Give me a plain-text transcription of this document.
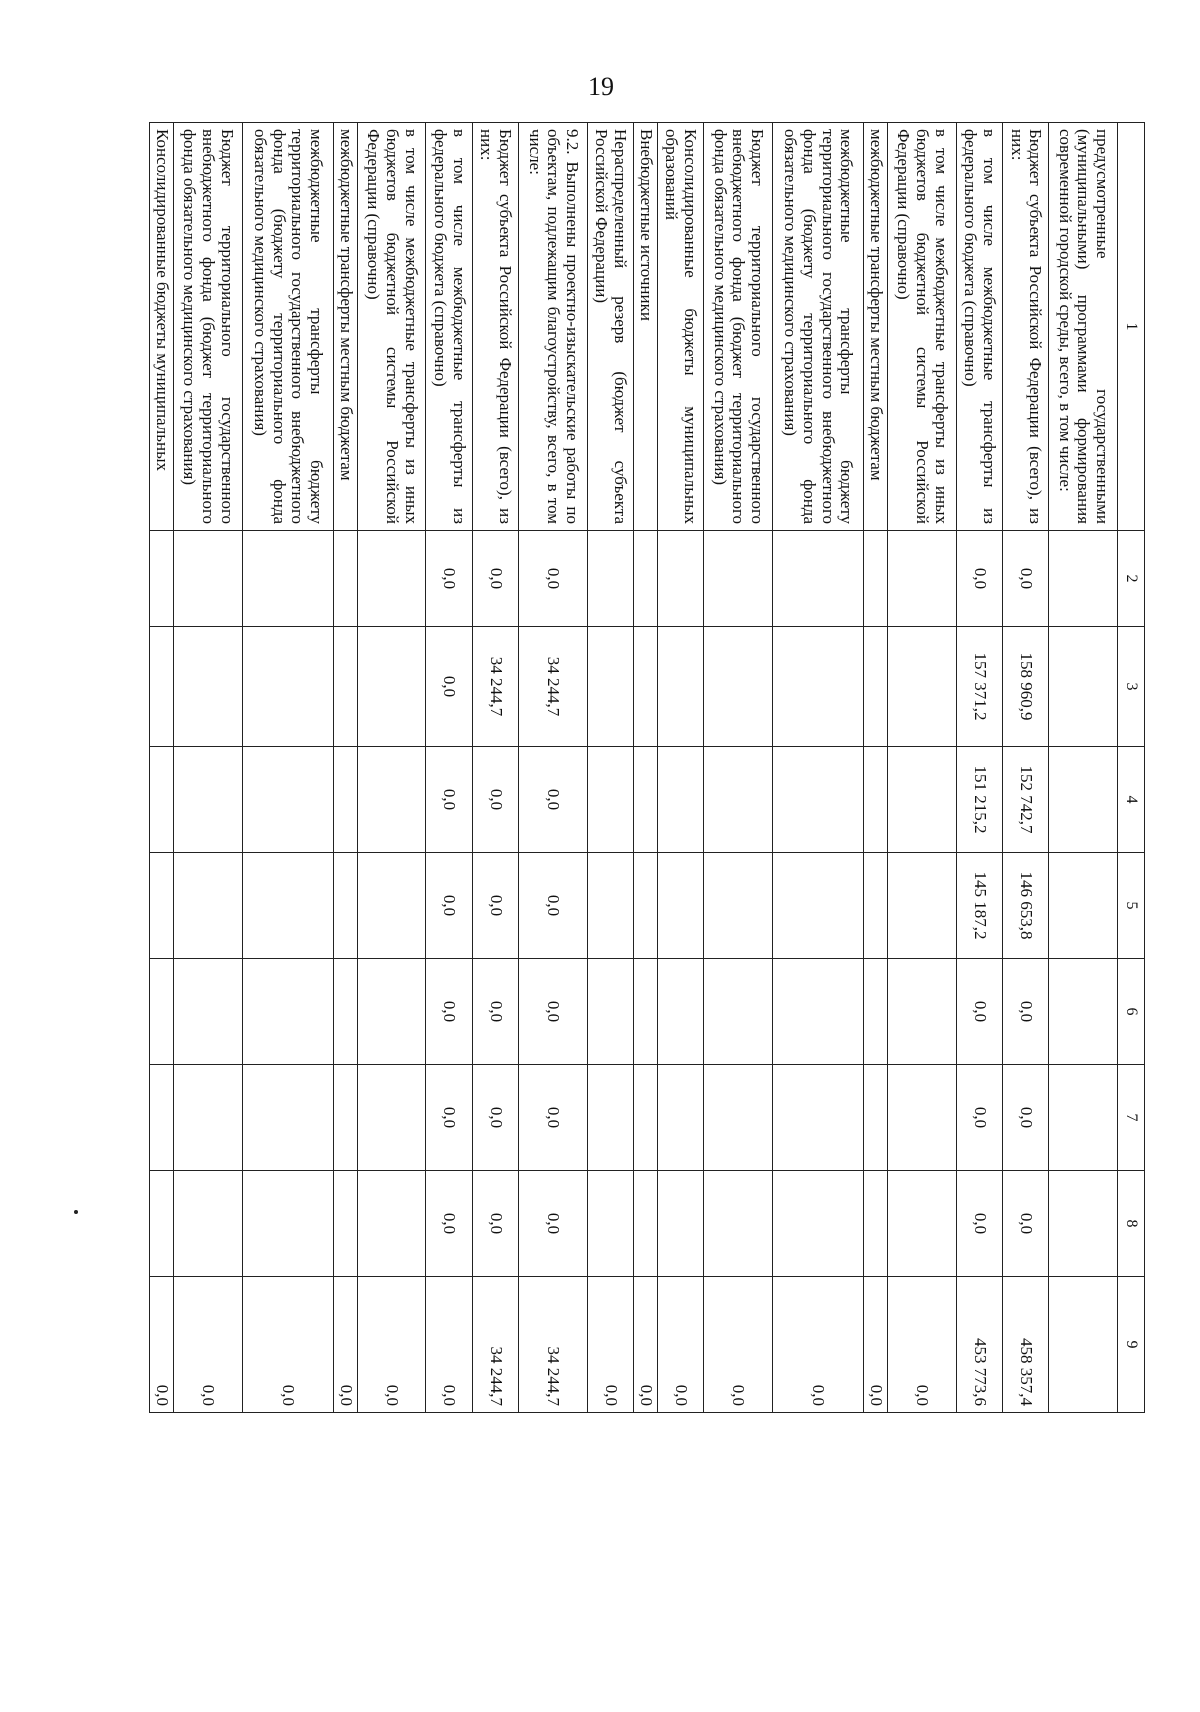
19
1	2	3	4	5	6	7	8	9
предусмотренные государственными (муниципальными) программами формирования современной городской среды, всего, в том числе:								
Бюджет субъекта Российской Федерации (всего), из них:	0,0	158 960,9	152 742,7	146 653,8	0,0	0,0	0,0	458 357,4
в том числе межбюджетные трансферты из федерального бюджета (справочно)	0,0	157 371,2	151 215,2	145 187,2	0,0	0,0	0,0	453 773,6
в том числе межбюджетные трансферты из иных бюджетов бюджетной системы Российской Федерации (справочно)								0,0
межбюджетные трансферты местным бюджетам								0,0
межбюджетные трансферты бюджету территориального государственного внебюджетного фонда (бюджету территориального фонда обязательного медицинского страхования)								0,0
Бюджет территориального государственного внебюджетного фонда (бюджет территориального фонда обязательного медицинского страхования)								0,0
Консолидированные бюджеты муниципальных образований								0,0
Внебюджетные источники								0,0
Нераспределенный резерв (бюджет субъекта Российской Федерации)								0,0
9.2. Выполнены проектно-изыскательские работы по объектам, подлежащим благоустройству, всего, в том числе:	0,0	34 244,7	0,0	0,0	0,0	0,0	0,0	34 244,7
Бюджет субъекта Российской Федерации (всего), из них:	0,0	34 244,7	0,0	0,0	0,0	0,0	0,0	34 244,7
в том числе межбюджетные трансферты из федерального бюджета (справочно)	0,0	0,0	0,0	0,0	0,0	0,0	0,0	0,0
в том числе межбюджетные трансферты из иных бюджетов бюджетной системы Российской Федерации (справочно)								0,0
межбюджетные трансферты местным бюджетам								0,0
межбюджетные трансферты бюджету территориального государственного внебюджетного фонда (бюджету территориального фонда обязательного медицинского страхования)								0,0
Бюджет территориального государственного внебюджетного фонда (бюджет территориального фонда обязательного медицинского страхования)								0,0
Консолидированные бюджеты муниципальных								0,0
